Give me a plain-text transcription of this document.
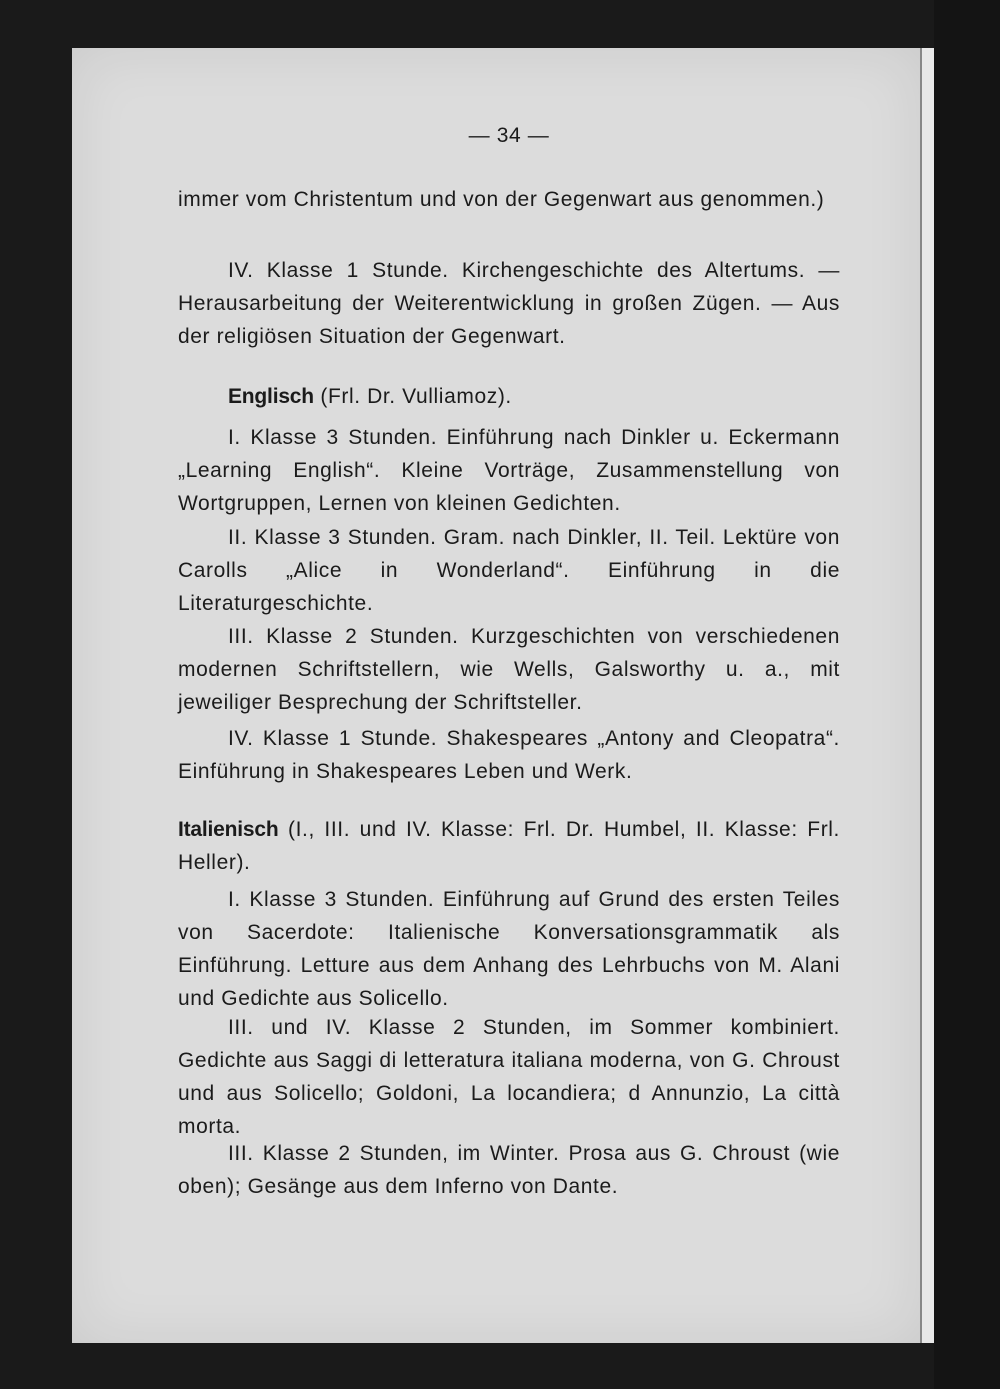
— 34 —

immer vom Christentum und von der Gegenwart aus genommen.)

IV. Klasse 1 Stunde. Kirchengeschichte des Altertums. — Herausarbeitung der Weiterentwicklung in großen Zügen. — Aus der religiösen Situation der Gegenwart.

Englisch (Frl. Dr. Vulliamoz).

I. Klasse 3 Stunden. Einführung nach Dinkler u. Eckermann „Learning English“. Kleine Vorträge, Zusammenstellung von Wortgruppen, Lernen von kleinen Gedichten.

II. Klasse 3 Stunden. Gram. nach Dinkler, II. Teil. Lektüre von Carolls „Alice in Wonderland“. Einführung in die Literaturgeschichte.

III. Klasse 2 Stunden. Kurzgeschichten von verschiedenen modernen Schriftstellern, wie Wells, Galsworthy u. a., mit jeweiliger Besprechung der Schriftsteller.

IV. Klasse 1 Stunde. Shakespeares „Antony and Cleopatra“. Einführung in Shakespeares Leben und Werk.

Italienisch (I., III. und IV. Klasse: Frl. Dr. Humbel, II. Klasse: Frl. Heller).

I. Klasse 3 Stunden. Einführung auf Grund des ersten Teiles von Sacerdote: Italienische Konversationsgrammatik als Einführung. Letture aus dem Anhang des Lehrbuchs von M. Alani und Gedichte aus Solicello.

III. und IV. Klasse 2 Stunden, im Sommer kombiniert. Gedichte aus Saggi di letteratura italiana moderna, von G. Chroust und aus Solicello; Goldoni, La locandiera; d Annunzio, La città morta.

III. Klasse 2 Stunden, im Winter. Prosa aus G. Chroust (wie oben); Gesänge aus dem Inferno von Dante.
